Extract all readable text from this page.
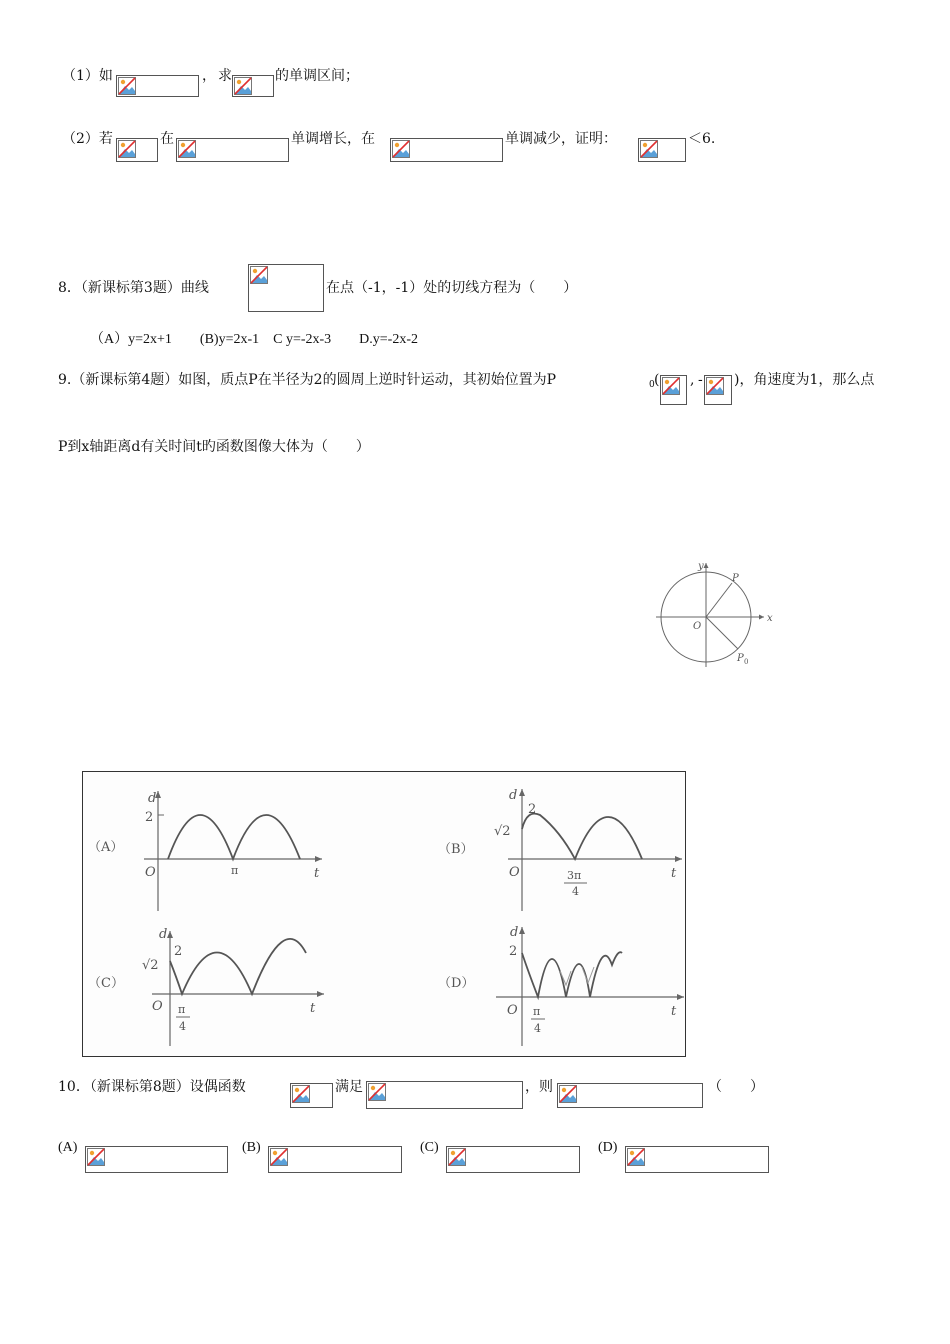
（1）如	， 求	的单调区间；
（2）若	在	单调增长，在	单调减少，证明：	＜6.
8．（新课标第3题）曲线	在点（-1，-1）处的切线方程为（　　）
（A）y=2x+1　　(B)y=2x-1　C y=-2x-3　　D.y=-2x-2
9.（新课标第4题）如图，质点P在半径为2的圆周上逆时针运动，其初始位置为P	0 ( , - )，角速度为1，那么点
P到x轴距离d有关时间t旳函数图像大体为（　　）
x
y
O
P
P 0
（A）
d
2
O	π	t
（B）
d
2
√2
O	3π
4
t
（C）
d
2
√2
O π
4
t
（D）
d
2
O π
4
t
10．（新课标第8题）设偶函数	满足	，则	（　　）
(A)	(B)	(C)	(D)
